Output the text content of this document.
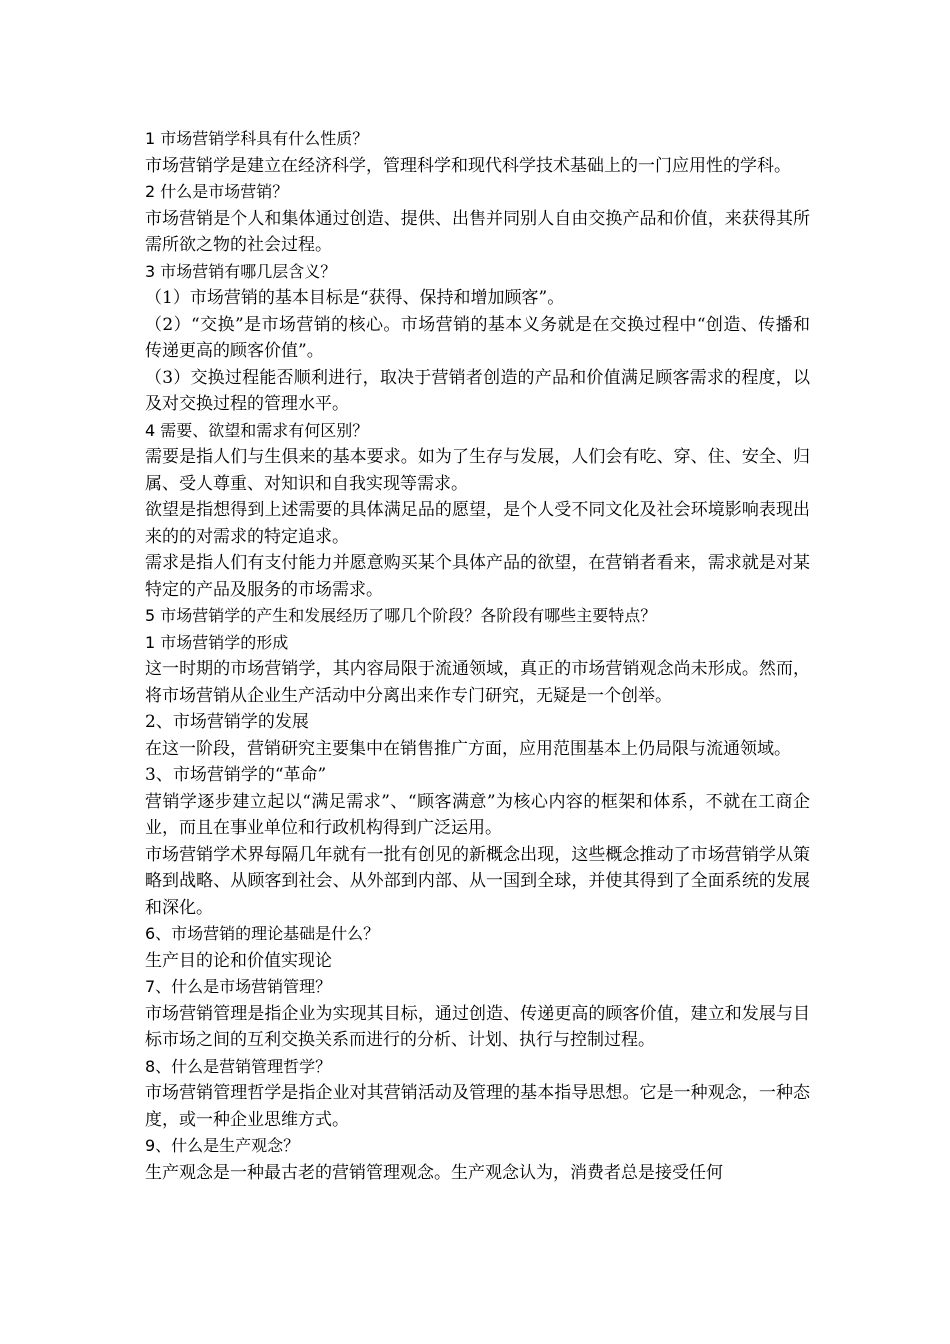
1 市场营销学科具有什么性质？

市场营销学是建立在经济科学，管理科学和现代科学技术基础上的一门应用性的学科。

2 什么是市场营销？

市场营销是个人和集体通过创造、提供、出售并同别人自由交换产品和价值，来获得其所需所欲之物的社会过程。

3 市场营销有哪几层含义？

（1）市场营销的基本目标是“获得、保持和增加顾客”。

（2）“交换”是市场营销的核心。市场营销的基本义务就是在交换过程中“创造、传播和传递更高的顾客价值”。

（3）交换过程能否顺利进行，取决于营销者创造的产品和价值满足顾客需求的程度，以及对交换过程的管理水平。

4 需要、欲望和需求有何区别？

需要是指人们与生俱来的基本要求。如为了生存与发展，人们会有吃、穿、住、安全、归属、受人尊重、对知识和自我实现等需求。

欲望是指想得到上述需要的具体满足品的愿望，是个人受不同文化及社会环境影响表现出来的的对需求的特定追求。

需求是指人们有支付能力并愿意购买某个具体产品的欲望，在营销者看来，需求就是对某特定的产品及服务的市场需求。

5 市场营销学的产生和发展经历了哪几个阶段？各阶段有哪些主要特点？

1 市场营销学的形成

这一时期的市场营销学，其内容局限于流通领域，真正的市场营销观念尚未形成。然而，将市场营销从企业生产活动中分离出来作专门研究，无疑是一个创举。

2、市场营销学的发展

在这一阶段，营销研究主要集中在销售推广方面，应用范围基本上仍局限与流通领域。

3、市场营销学的“革命”

营销学逐步建立起以“满足需求”、“顾客满意”为核心内容的框架和体系，不就在工商企业，而且在事业单位和行政机构得到广泛运用。

市场营销学术界每隔几年就有一批有创见的新概念出现，这些概念推动了市场营销学从策略到战略、从顾客到社会、从外部到内部、从一国到全球，并使其得到了全面系统的发展和深化。

6、市场营销的理论基础是什么？

生产目的论和价值实现论

7、什么是市场营销管理？

市场营销管理是指企业为实现其目标，通过创造、传递更高的顾客价值，建立和发展与目标市场之间的互利交换关系而进行的分析、计划、执行与控制过程。

8、什么是营销管理哲学？

市场营销管理哲学是指企业对其营销活动及管理的基本指导思想。它是一种观念，一种态度，或一种企业思维方式。

9、什么是生产观念？

生产观念是一种最古老的营销管理观念。生产观念认为，消费者总是接受任何
